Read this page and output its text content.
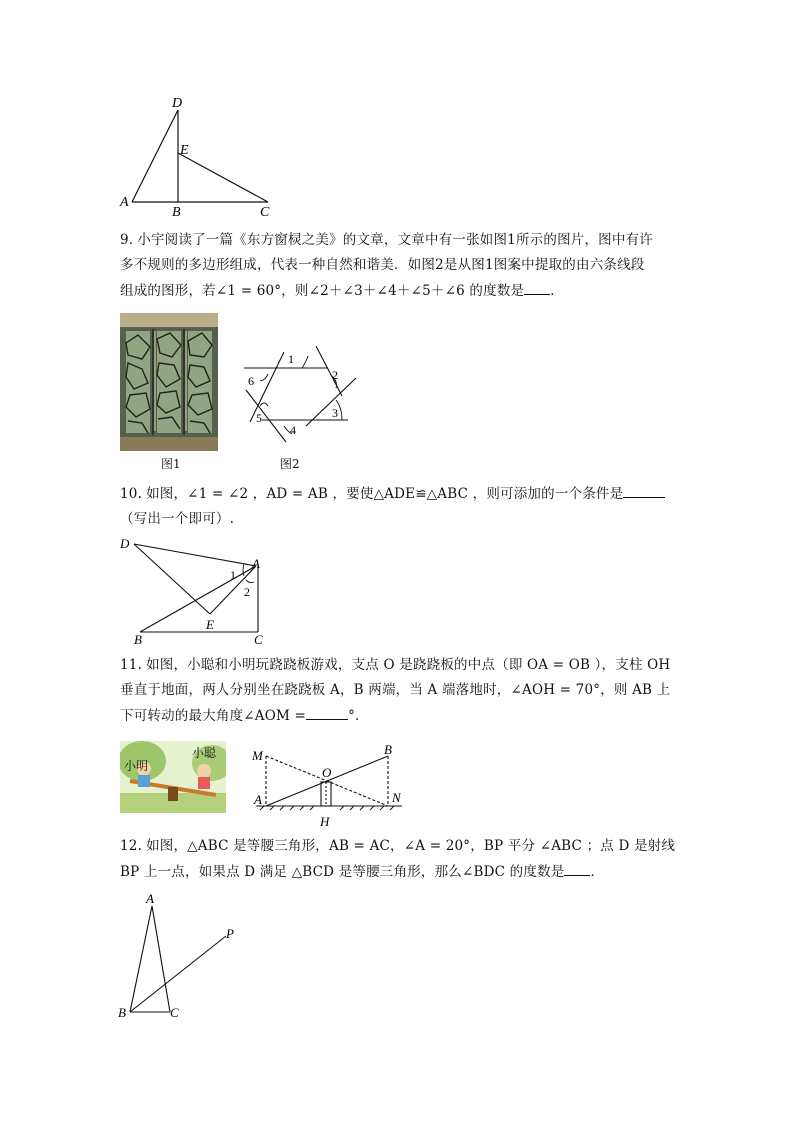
D
E
A
B	C
9. 小宇阅读了一篇《东方窗棂之美》的文章，文章中有一张如图1所示的图片，图中有许
多不规则的多边形组成，代表一种自然和谐美．如图2是从图1图案中提取的由六条线段
组成的图形，若∠1 = 60°，则∠2＋∠3＋∠4＋∠5＋∠6 的度数是 ．
图1
1
2
3
4
5
6
图2
10. 如图，∠1 = ∠2 ，AD = AB ，要使△ADE≌△ABC ，则可添加的一个条件是
（写出一个即可）.
D
A
1
2
B
E
C
11. 如图，小聪和小明玩跷跷板游戏，支点 O 是跷跷板的中点（即 OA = OB ），支柱 OH
垂直于地面，两人分别坐在跷跷板 A，B 两端，当 A 端落地时，∠AOH = 70°，则 AB 上
下可转动的最大角度∠AOM =	°．
小明
小聪	M	B
O
A	N
H
12. 如图，△ABC 是等腰三角形，AB = AC，∠A = 20°，BP 平分 ∠ABC ；点 D 是射线
BP 上一点，如果点 D 满足 △BCD 是等腰三角形，那么∠BDC 的度数是 ．
A
P
B	C
